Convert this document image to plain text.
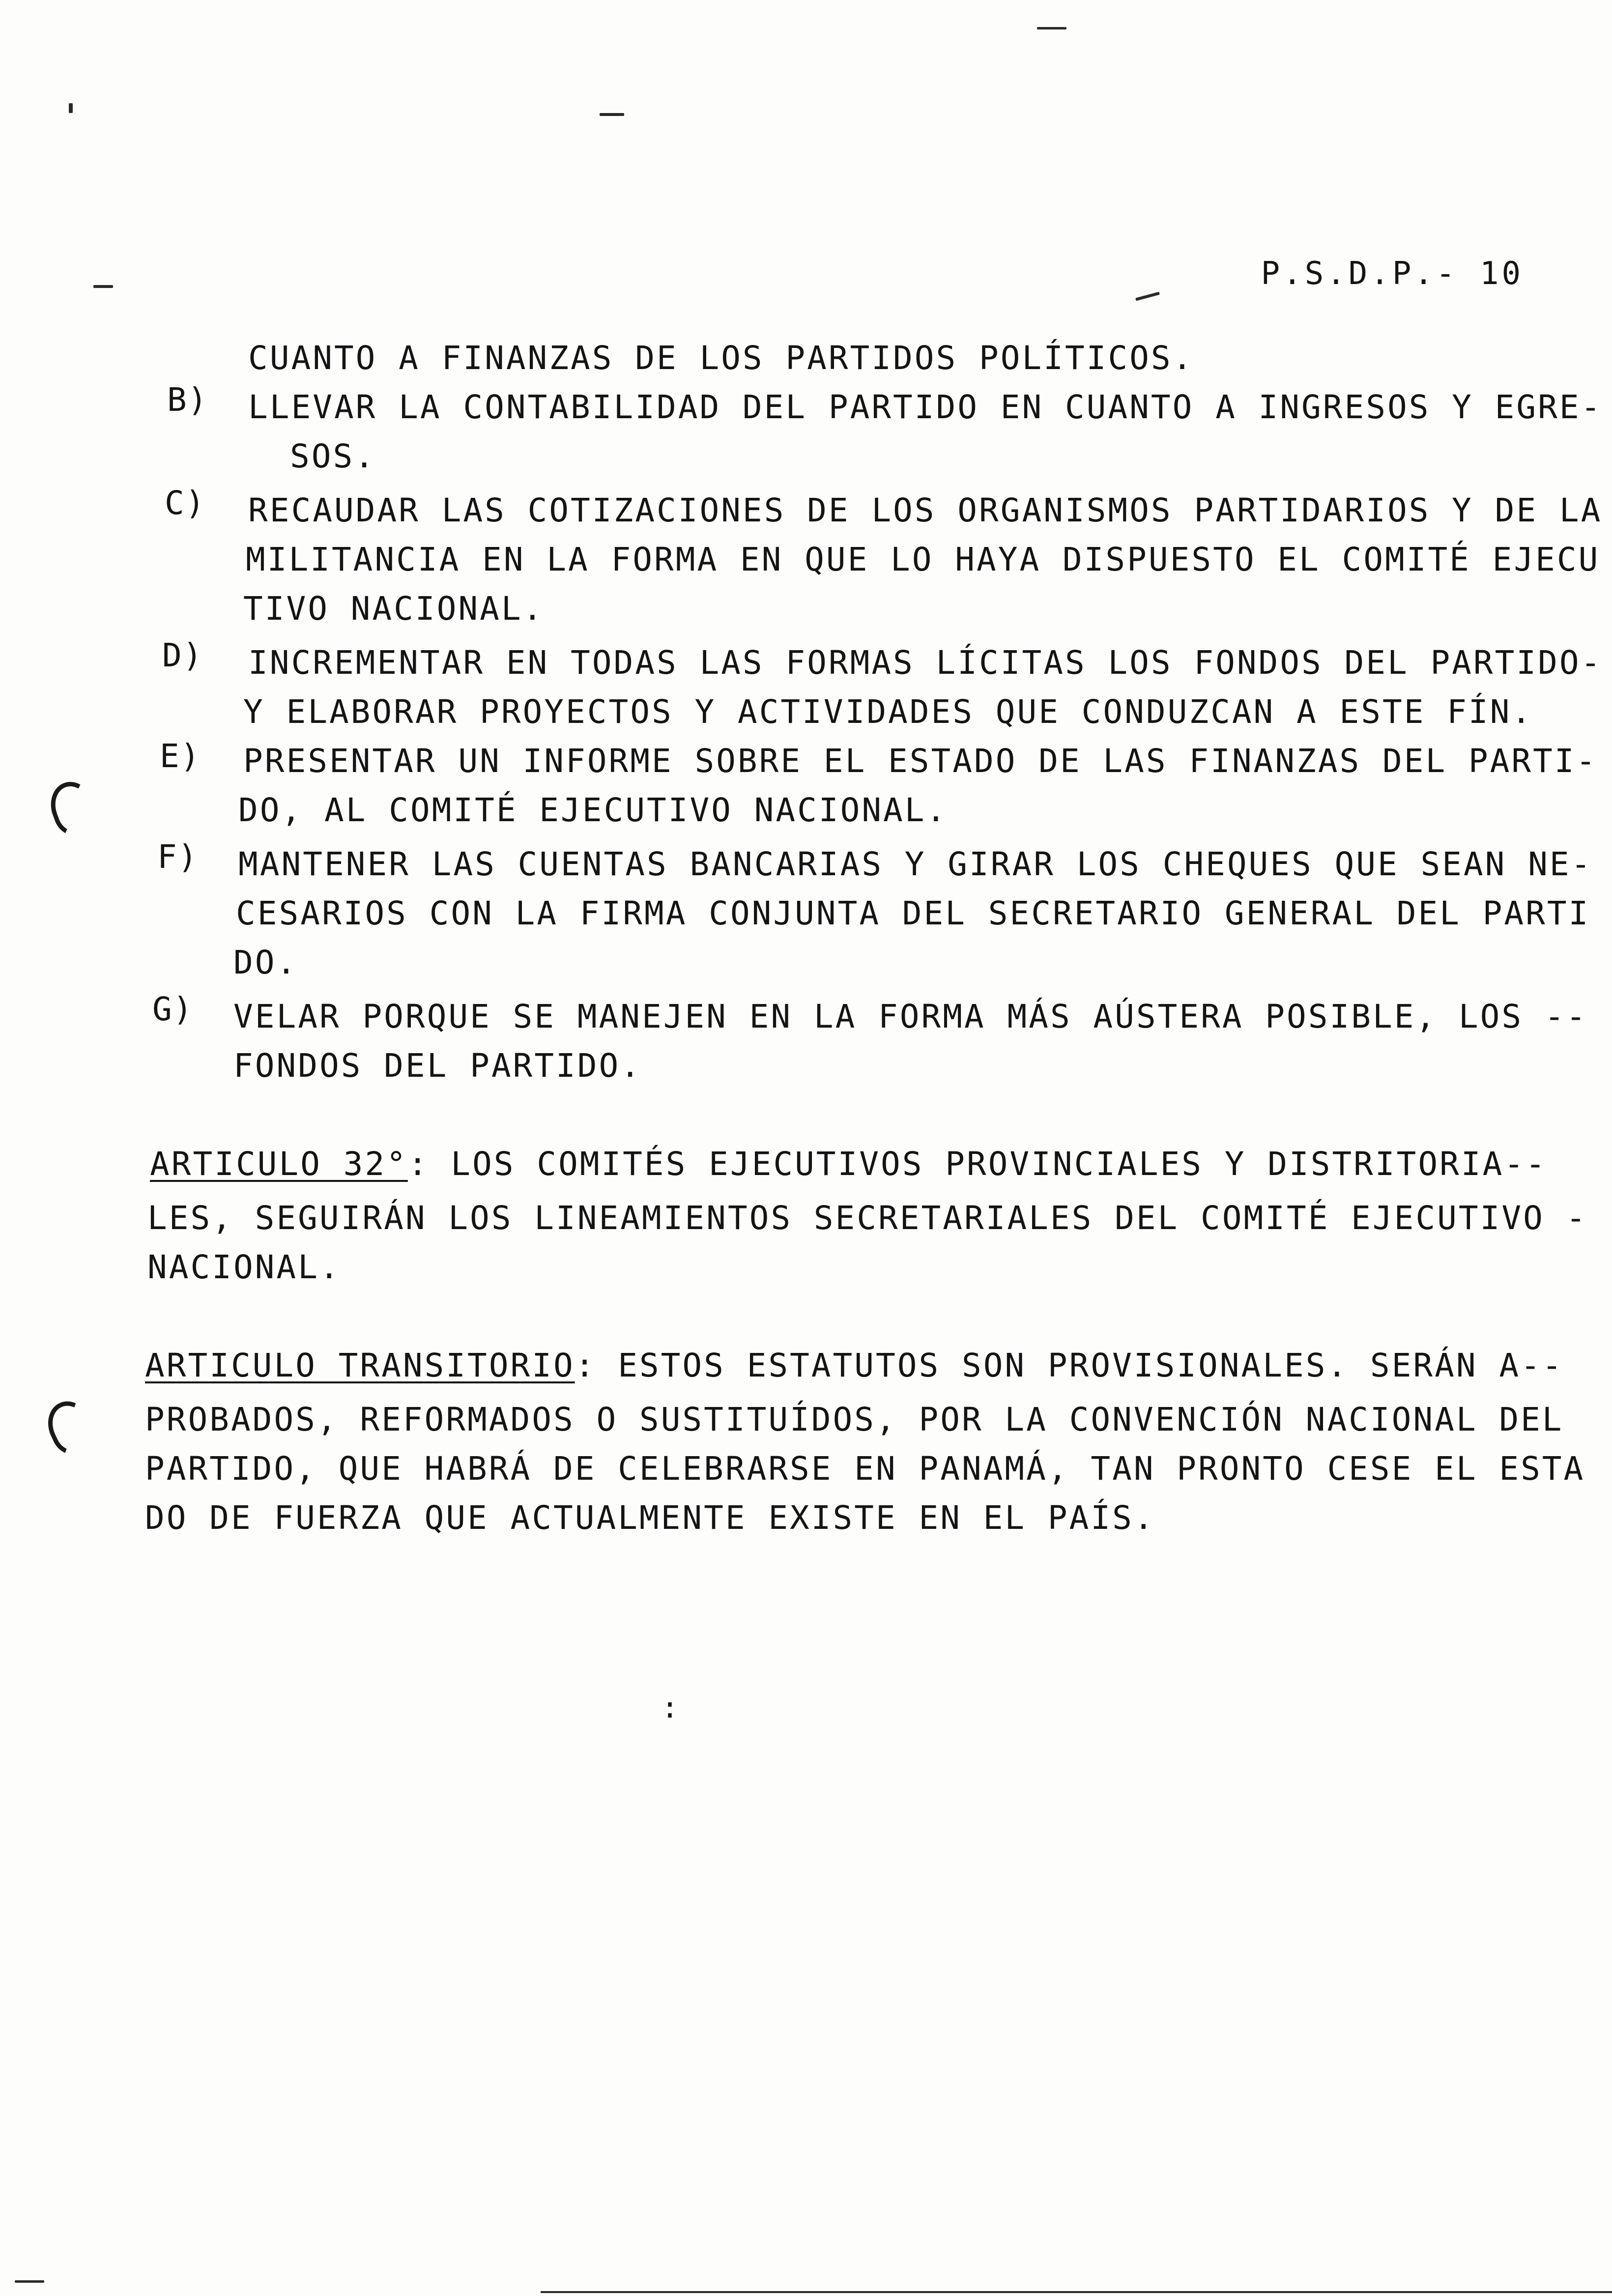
P.S.D.P.- 10
CUANTO A FINANZAS DE LOS PARTIDOS POLÍTICOS.
B) LLEVAR LA CONTABILIDAD DEL PARTIDO EN CUANTO A INGRESOS Y EGRE-
SOS.
C) RECAUDAR LAS COTIZACIONES DE LOS ORGANISMOS PARTIDARIOS Y DE LA
MILITANCIA EN LA FORMA EN QUE LO HAYA DISPUESTO EL COMITÉ EJECU
TIVO NACIONAL.
D) INCREMENTAR EN TODAS LAS FORMAS LÍCITAS LOS FONDOS DEL PARTIDO-
Y ELABORAR PROYECTOS Y ACTIVIDADES QUE CONDUZCAN A ESTE FÍN.
E) PRESENTAR UN INFORME SOBRE EL ESTADO DE LAS FINANZAS DEL PARTI-
DO, AL COMITÉ EJECUTIVO NACIONAL.
F) MANTENER LAS CUENTAS BANCARIAS Y GIRAR LOS CHEQUES QUE SEAN NE-
CESARIOS CON LA FIRMA CONJUNTA DEL SECRETARIO GENERAL DEL PARTI
DO.
G) VELAR PORQUE SE MANEJEN EN LA FORMA MÁS AÚSTERA POSIBLE, LOS --
FONDOS DEL PARTIDO.
ARTICULO 32°: LOS COMITÉS EJECUTIVOS PROVINCIALES Y DISTRITORIA--
LES, SEGUIRÁN LOS LINEAMIENTOS SECRETARIALES DEL COMITÉ EJECUTIVO -
NACIONAL.
ARTICULO TRANSITORIO: ESTOS ESTATUTOS SON PROVISIONALES. SERÁN A--
PROBADOS, REFORMADOS O SUSTITUÍDOS, POR LA CONVENCIÓN NACIONAL DEL
PARTIDO, QUE HABRÁ DE CELEBRARSE EN PANAMÁ, TAN PRONTO CESE EL ESTA
DO DE FUERZA QUE ACTUALMENTE EXISTE EN EL PAÍS.
:
